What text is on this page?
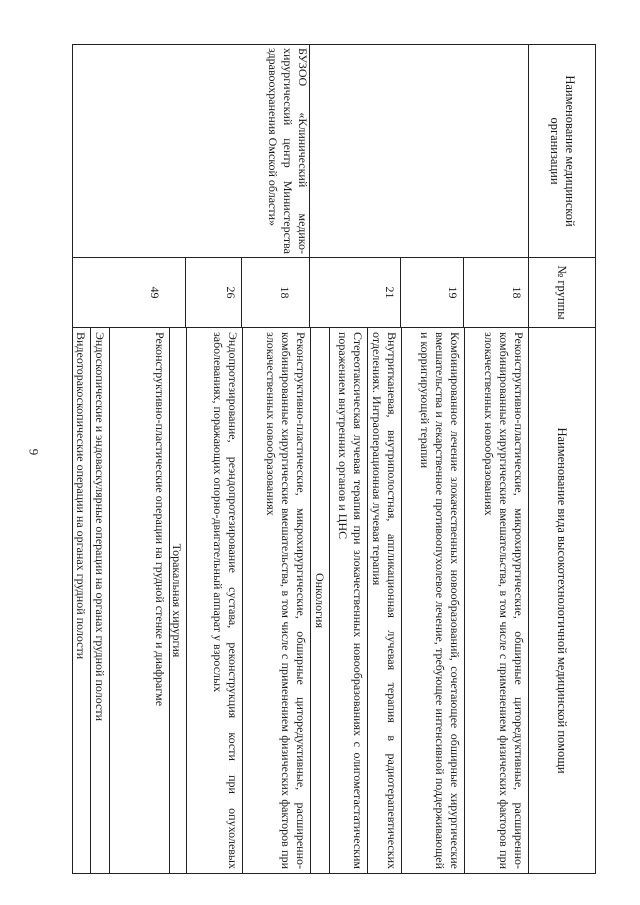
6
Наименование медицинской организации
№ группы
Наименование вида высокотехнологичной медицинской помощи
БУЗОО «Клинический медико-хирургический центр Министерства здравоохранения Омской области»
18
19
21
18
26
49
Реконструктивно-пластические, микрохирургические, обширные циторедуктивные, расширенно-комбинированные хирургические вмешательства, в том числе с применением физических факторов при злокачественных новообразованиях
Комбинированное лечение злокачественных новообразований, сочетающее обширные хирургические вмешательства и лекарственное противоопухолевое лечение, требующее интенсивной поддерживающей и корригирующей терапии
Внутритканевая, внутриполостная, аппликационная лучевая терапия в радиотерапевтических отделениях. Интраоперационная лучевая терапия
Стереотаксическая лучевая терапия при злокачественных новообразованиях с олигометастатическим поражением внутренних органов и ЦНС
Онкология
Реконструктивно-пластические, микрохирургические, обширные циторедуктивные, расширенно-комбинированные хирургические вмешательства, в том числе с применением физических факторов при злокачественных новообразованиях
Эндопротезирование, реэндопротезирование сустава, реконструкция кости при опухолевых заболеваниях, поражающих опорно-двигательный аппарат у взрослых
Торакальная хирургия
Реконструктивно-пластические операции на грудной стенке и диафрагме
Эндоскопические и эндоваскулярные операции на органах грудной полости
Видеоторакоскопические операции на органах грудной полости
